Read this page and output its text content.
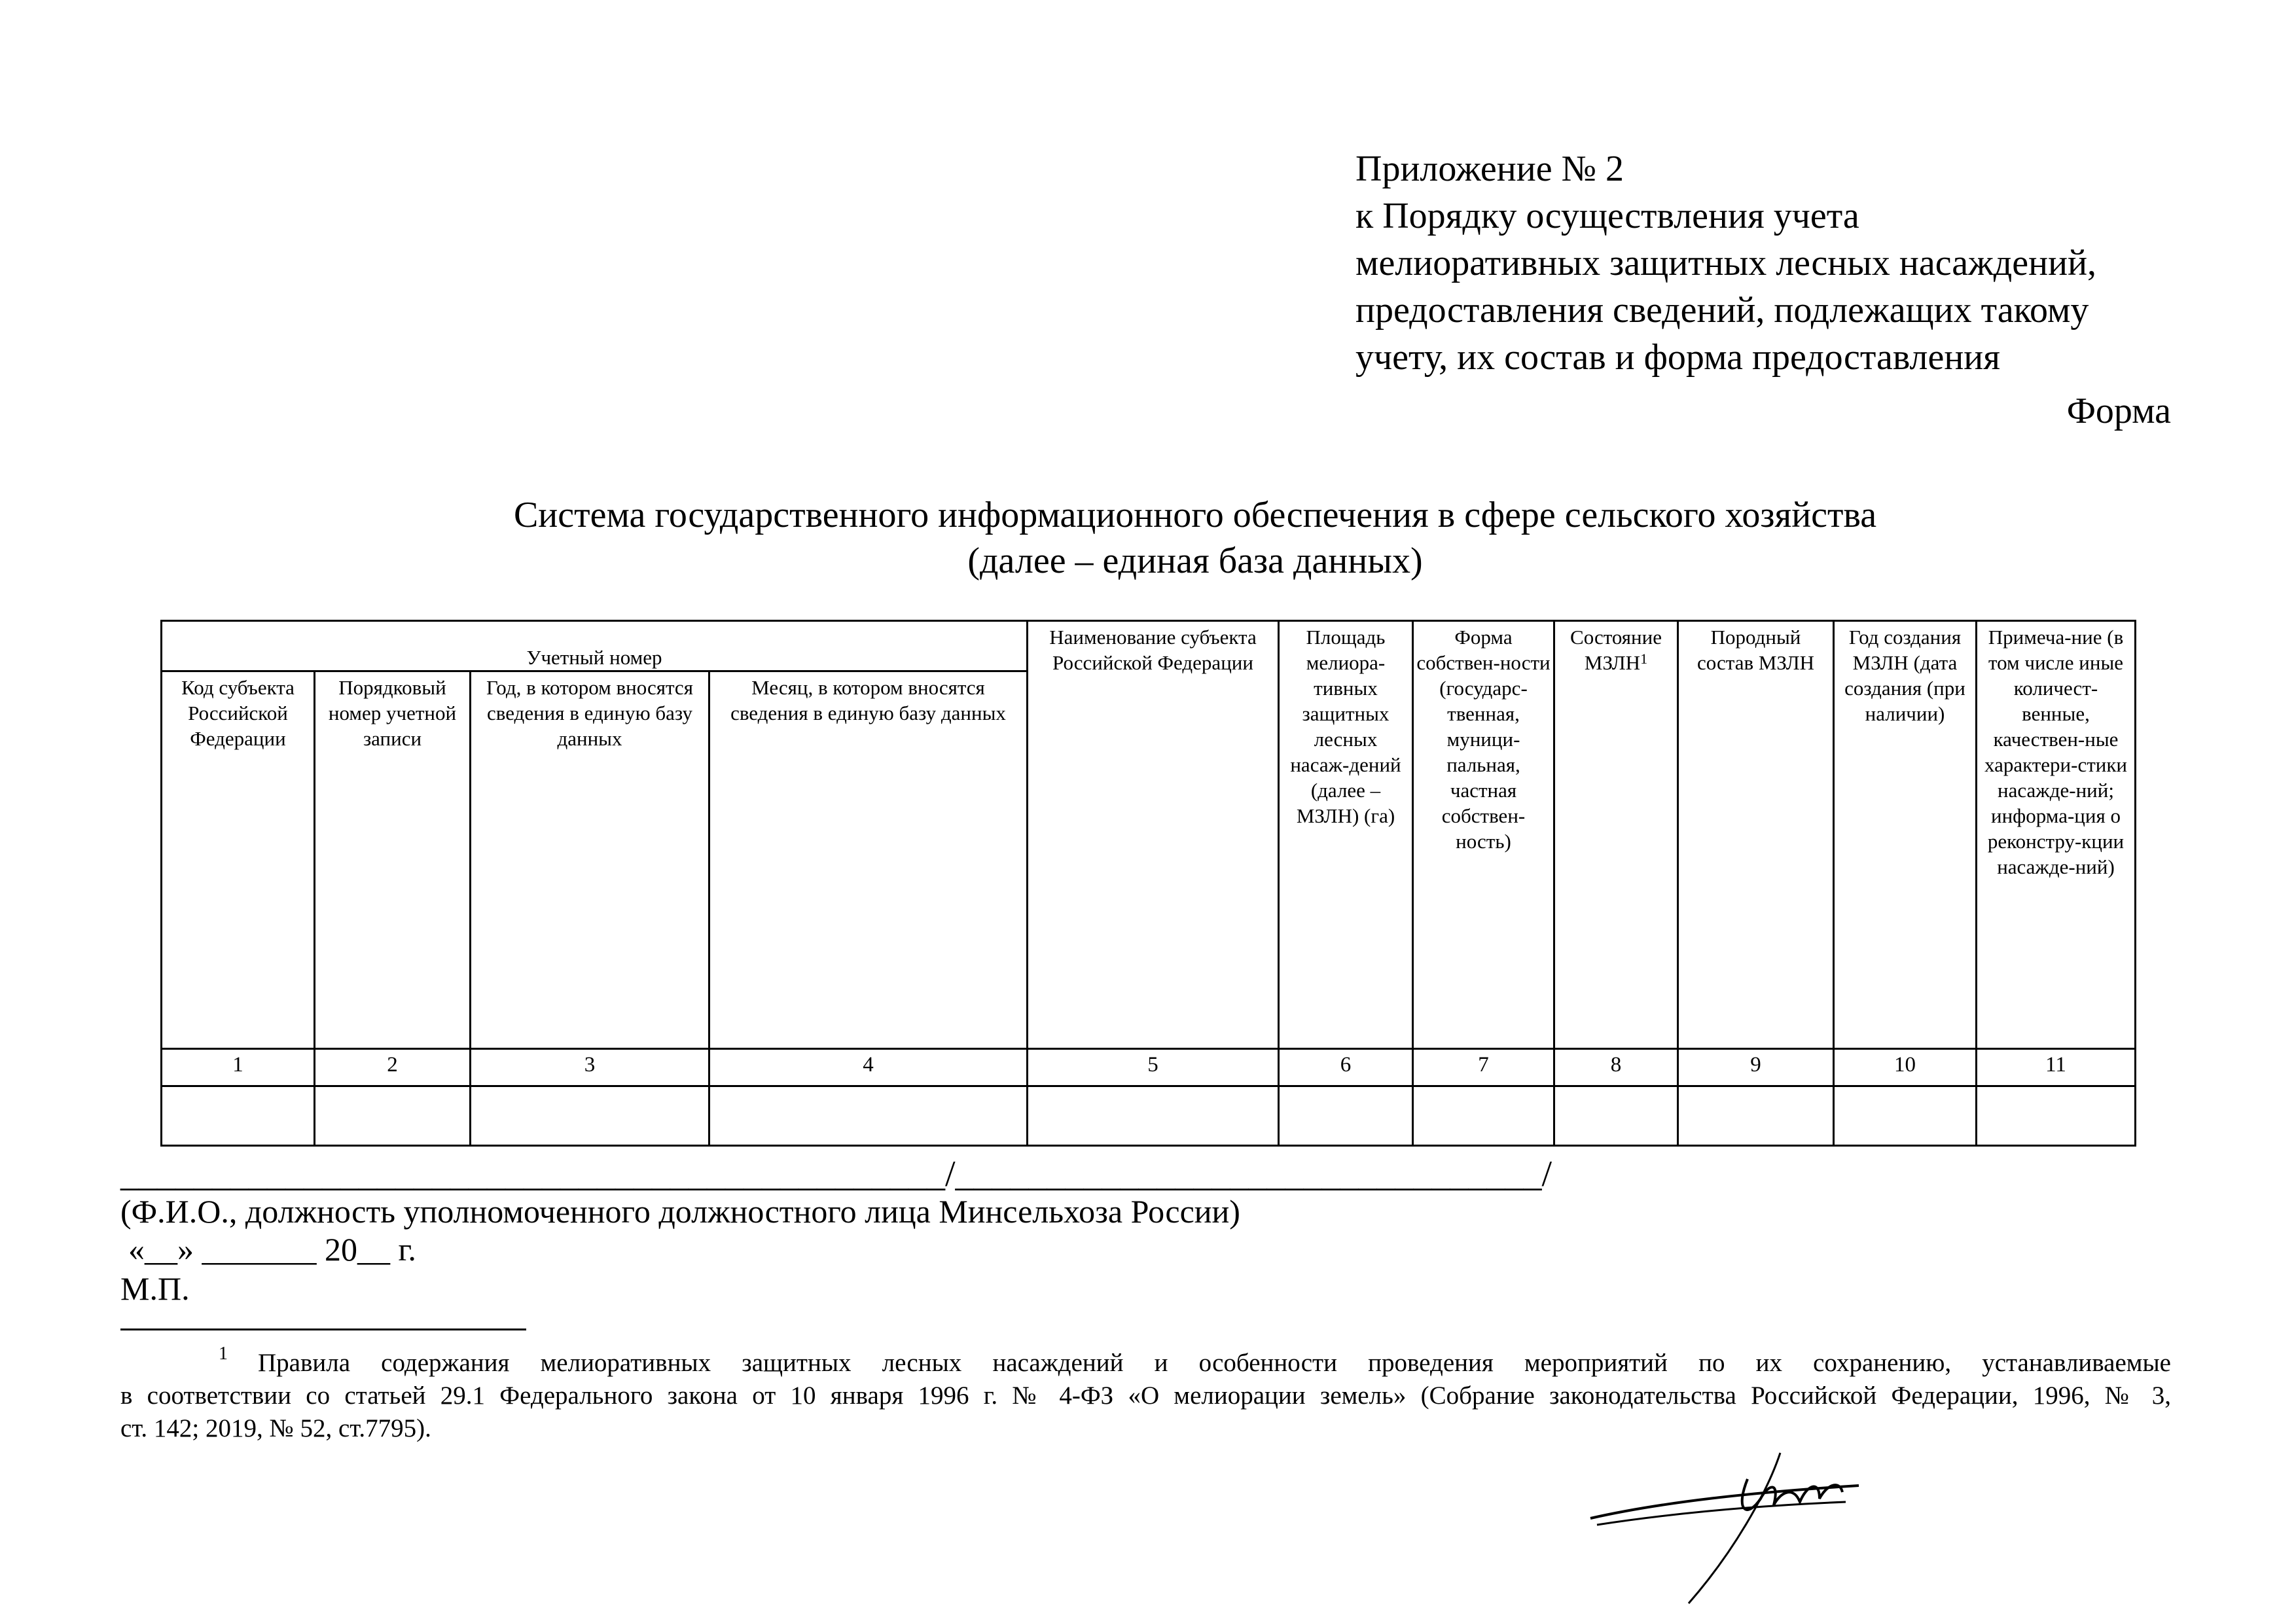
Приложение № 2
к Порядку осуществления учета
мелиоративных защитных лесных насаждений,
предоставления сведений, подлежащих такому
учету, их состав и форма предоставления
Форма
Система государственного информационного обеспечения в сфере сельского хозяйства
(далее – единая база данных)
Учетный номер				Наименование субъекта Российской Федерации	Площадь мелиора-тивных защитных лесных насаж-дений (далее – МЗЛН) (га)	Форма собствен-ности (государс-твенная, муници-пальная, частная собствен-ность)	Состояние МЗЛН$^1$	Породный состав МЗЛН	Год создания МЗЛН (дата создания (при наличии)	Примеча-ние (в том числе иные количест-венные, качествен-ные характери-стики насажде-ний; информа-ция о реконстру-кции насажде-ний)
Код субъекта Российской Федерации	Порядковый номер учетной записи	Год, в котором вносятся сведения в единую базу данных	Месяц, в котором вносятся сведения в единую базу данных							
1	2	3	4	5	6	7	8	9	10	11

_____________________________________________/________________________________/
(Ф.И.О., должность уполномоченного должностного лица Минсельхоза России)
«__» _______ 20__ г.
М.П.
1 Правила содержания мелиоративных защитных лесных насаждений и особенности проведения мероприятий по их сохранению, устанавливаемые
в соответствии со статьей 29.1 Федерального закона от 10 января 1996 г. № 4-ФЗ «О мелиорации земель» (Собрание законодательства Российской Федерации, 1996, № 3,
ст. 142; 2019, № 52, ст.7795).
